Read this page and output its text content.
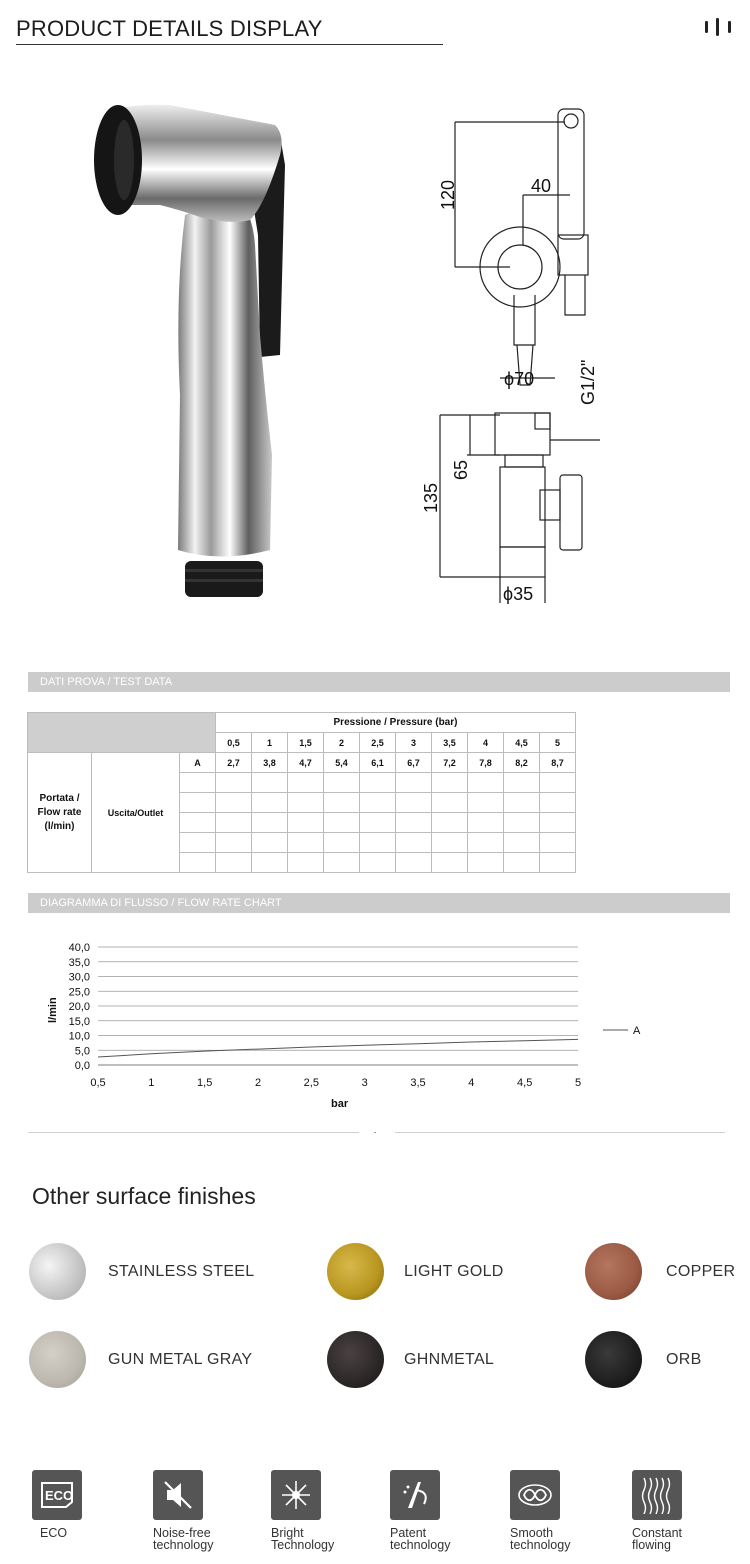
PRODUCT DETAILS DISPLAY
120	40
ϕ70 G1/2"
65
135
ϕ35
DATI PROVA / TEST DATA
			Pressione / Pressure (bar)									
			0,5	1	1,5	2	2,5	3	3,5	4	4,5	5
Portata / Flow rate (l/min)	Uscita/Outlet	A	2,7	3,8	4,7	5,4	6,1	6,7	7,2	7,8	8,2	8,7

DIAGRAMMA DI FLUSSO / FLOW RATE CHART
0,0
5,0
10,0
15,0
20,0
25,0
30,0
35,0
40,0
0,5	1	1,5	2	2,5	3	3,5	4	4,5	5
l/min
bar
A
Other surface finishes
STAINLESS STEEL	LIGHT GOLD	COPPER
GUN METAL GRAY	GHNMETAL	ORB
ECO
ECO	Noise-free
technology
Bright
Technology
Patent
technology
Smooth
technology
Constant
flowing
